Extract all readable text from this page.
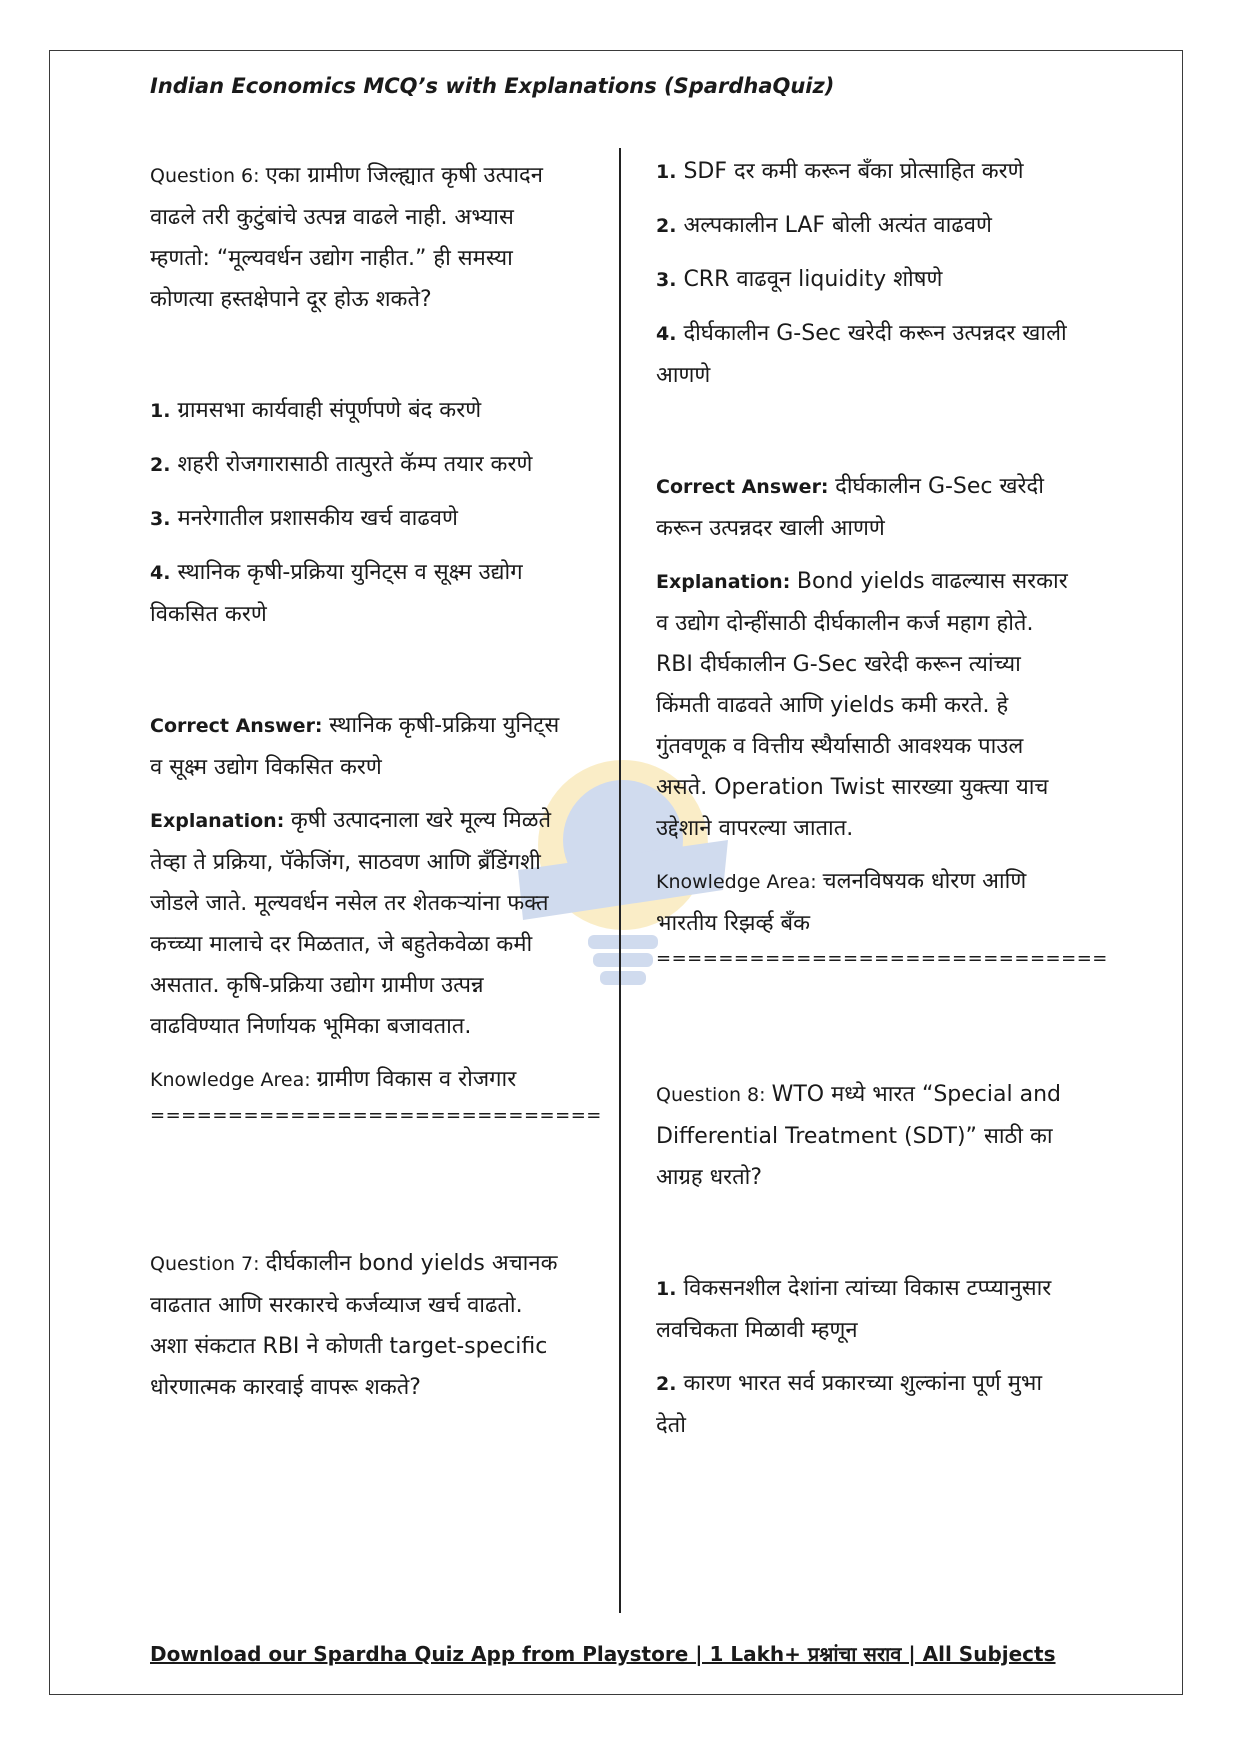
Indian Economics MCQ’s with Explanations (SpardhaQuiz)

Question 6: एका ग्रामीण जिल्ह्यात कृषी उत्पादन वाढले तरी कुटुंबांचे उत्पन्न वाढले नाही. अभ्यास म्हणतो: “मूल्यवर्धन उद्योग नाहीत.” ही समस्या कोणत्या हस्तक्षेपाने दूर होऊ शकते?

1. ग्रामसभा कार्यवाही संपूर्णपणे बंद करणे

2. शहरी रोजगारासाठी तात्पुरते कॅम्प तयार करणे

3. मनरेगातील प्रशासकीय खर्च वाढवणे

4. स्थानिक कृषी-प्रक्रिया युनिट्स व सूक्ष्म उद्योग विकसित करणे

Correct Answer: स्थानिक कृषी-प्रक्रिया युनिट्स व सूक्ष्म उद्योग विकसित करणे

Explanation: कृषी उत्पादनाला खरे मूल्य मिळते तेव्हा ते प्रक्रिया, पॅकेजिंग, साठवण आणि ब्रँडिंगशी जोडले जाते. मूल्यवर्धन नसेल तर शेतकऱ्यांना फक्त कच्च्या मालाचे दर मिळतात, जे बहुतेकवेळा कमी असतात. कृषि-प्रक्रिया उद्योग ग्रामीण उत्पन्न वाढविण्यात निर्णायक भूमिका बजावतात.

Knowledge Area: ग्रामीण विकास व रोजगार

=============================

Question 7: दीर्घकालीन bond yields अचानक वाढतात आणि सरकारचे कर्जव्याज खर्च वाढतो. अशा संकटात RBI ने कोणती target-specific धोरणात्मक कारवाई वापरू शकते?

1. SDF दर कमी करून बँका प्रोत्साहित करणे

2. अल्पकालीन LAF बोली अत्यंत वाढवणे

3. CRR वाढवून liquidity शोषणे

4. दीर्घकालीन G-Sec खरेदी करून उत्पन्नदर खाली आणणे

Correct Answer: दीर्घकालीन G-Sec खरेदी करून उत्पन्नदर खाली आणणे

Explanation: Bond yields वाढल्यास सरकार व उद्योग दोन्हींसाठी दीर्घकालीन कर्ज महाग होते. RBI दीर्घकालीन G-Sec खरेदी करून त्यांच्या किंमती वाढवते आणि yields कमी करते. हे गुंतवणूक व वित्तीय स्थैर्यासाठी आवश्यक पाउल असते. Operation Twist सारख्या युक्त्या याच उद्देशाने वापरल्या जातात.

Knowledge Area: चलनविषयक धोरण आणि भारतीय रिझर्व्ह बँक

=============================

Question 8: WTO मध्ये भारत “Special and Differential Treatment (SDT)” साठी का आग्रह धरतो?

1. विकसनशील देशांना त्यांच्या विकास टप्प्यानुसार लवचिकता मिळावी म्हणून

2. कारण भारत सर्व प्रकारच्या शुल्कांना पूर्ण मुभा देतो

Download our Spardha Quiz App from Playstore | 1 Lakh+ प्रश्नांचा सराव | All Subjects
